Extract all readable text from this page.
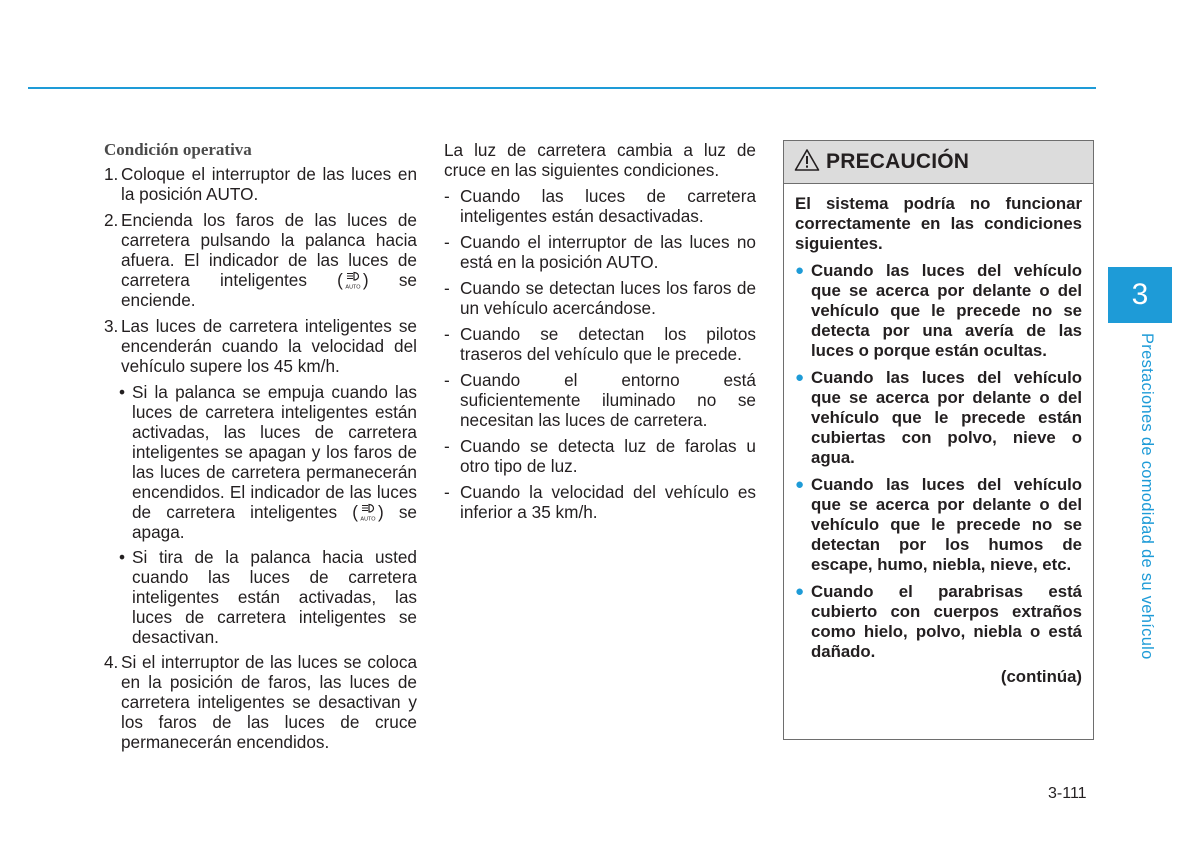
Condición operativa
1. Coloque el interruptor de las luces en la posición AUTO.
2. Encienda los faros de las luces de carretera pulsando la palanca hacia afuera. El indicador de las luces de carretera inteligentes ( AUTO ) se enciende.
3. Las luces de carretera inteligentes se encenderán cuando la velocidad del vehículo supere los 45 km/h.
• Si la palanca se empuja cuando las luces de carretera inteligentes están activadas, las luces de carretera inteligentes se apagan y los faros de las luces de carretera permanecerán encendidos. El indicador de las luces de carretera inteligentes ( AUTO ) se apaga.
• Si tira de la palanca hacia usted cuando las luces de carretera inteligentes están activadas, las luces de carretera inteligentes se desactivan.
4. Si el interruptor de las luces se coloca en la posición de faros, las luces de carretera inteligentes se desactivan y los faros de las luces de cruce permanecerán encendidos.
La luz de carretera cambia a luz de cruce en las siguientes condiciones.
- Cuando las luces de carretera inteligentes están desactivadas.
- Cuando el interruptor de las luces no está en la posición AUTO.
- Cuando se detectan luces los faros de un vehículo acercándose.
- Cuando se detectan los pilotos traseros del vehículo que le precede.
- Cuando el entorno está suficientemente iluminado no se necesitan las luces de carretera.
- Cuando se detecta luz de farolas u otro tipo de luz.
- Cuando la velocidad del vehículo es inferior a 35 km/h.
PRECAUCIÓN
El sistema podría no funcionar correctamente en las condiciones siguientes.
● Cuando las luces del vehículo que se acerca por delante o del vehículo que le precede no se detecta por una avería de las luces o porque están ocultas.
● Cuando las luces del vehículo que se acerca por delante o del vehículo que le precede están cubiertas con polvo, nieve o agua.
● Cuando las luces del vehículo que se acerca por delante o del vehículo que le precede no se detectan por los humos de escape, humo, niebla, nieve, etc.
● Cuando el parabrisas está cubierto con cuerpos extraños como hielo, polvo, niebla o está dañado.
(continúa)
3
Prestaciones de comodidad de su vehículo
3-111
